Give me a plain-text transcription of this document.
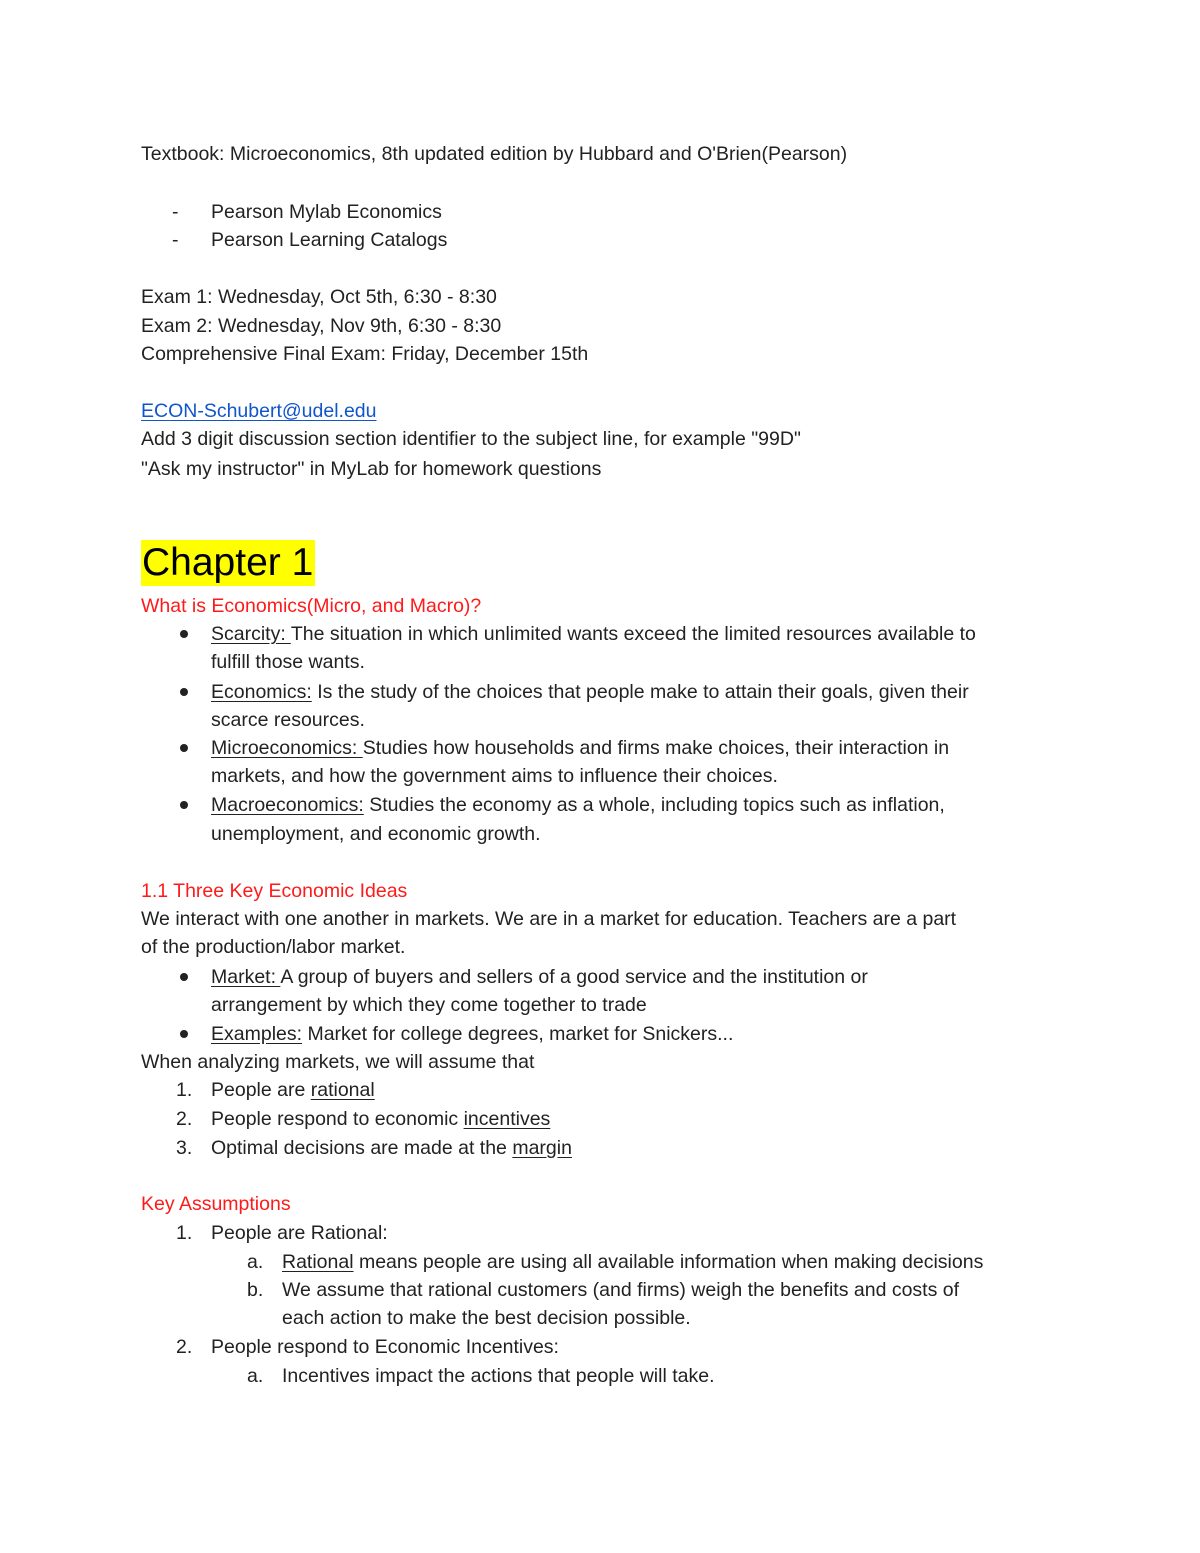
Textbook: Microeconomics, 8th updated edition by Hubbard and O'Brien(Pearson)
- Pearson Mylab Economics
- Pearson Learning Catalogs
Exam 1: Wednesday, Oct 5th, 6:30 - 8:30
Exam 2: Wednesday, Nov 9th, 6:30 - 8:30
Comprehensive Final Exam: Friday, December 15th
ECON-Schubert@udel.edu
Add 3 digit discussion section identifier to the subject line, for example "99D"
"Ask my instructor" in MyLab for homework questions
Chapter 1
What is Economics(Micro, and Macro)?
Scarcity: The situation in which unlimited wants exceed the limited resources available to
fulfill those wants.
Economics: Is the study of the choices that people make to attain their goals, given their
scarce resources.
Microeconomics: Studies how households and firms make choices, their interaction in
markets, and how the government aims to influence their choices.
Macroeconomics: Studies the economy as a whole, including topics such as inflation,
unemployment, and economic growth.
1.1 Three Key Economic Ideas
We interact with one another in markets. We are in a market for education. Teachers are a part
of the production/labor market.
Market: A group of buyers and sellers of a good service and the institution or
arrangement by which they come together to trade
Examples: Market for college degrees, market for Snickers...
When analyzing markets, we will assume that
1. People are rational
2. People respond to economic incentives
3. Optimal decisions are made at the margin
Key Assumptions
1. People are Rational:
a. Rational means people are using all available information when making decisions
b. We assume that rational customers (and firms) weigh the benefits and costs of
each action to make the best decision possible.
2. People respond to Economic Incentives:
a. Incentives impact the actions that people will take.
